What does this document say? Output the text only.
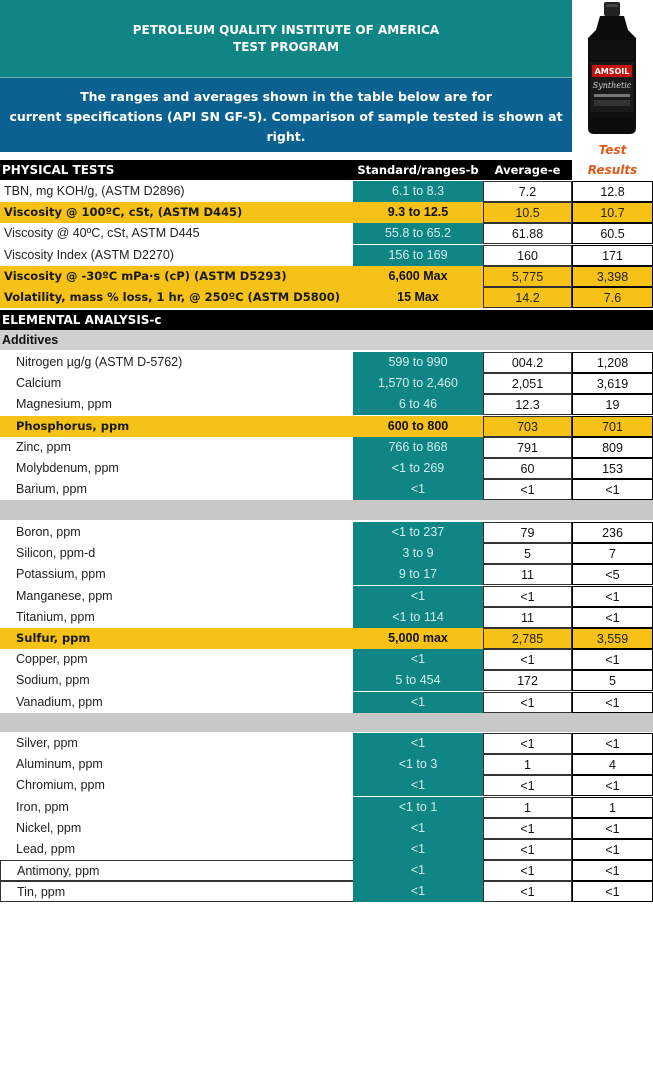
PETROLEUM QUALITY INSTITUTE OF AMERICA
TEST PROGRAM
The ranges and averages shown in the table below are for
current specifications (API SN GF-5). Comparison of sample tested is shown at right.
AMSOIL
Synthetic
Test
Results
PHYSICAL TESTS	Standard/ranges-b	Average-e
TBN, mg KOH/g, (ASTM D2896)	6.1 to 8.3	7.2	12.8
Viscosity @ 100ºC, cSt, (ASTM D445)	9.3 to 12.5	10.5	10.7
Viscosity @ 40ºC, cSt, ASTM D445	55.8 to 65.2	61.88	60.5
Viscosity Index (ASTM D2270)	156 to 169	160	171
Viscosity @ -30ºC mPa·s (cP) (ASTM D5293)	6,600 Max	5,775	3,398
Volatility, mass % loss, 1 hr, @ 250ºC (ASTM D5800)	15 Max	14.2	7.6
ELEMENTAL ANALYSIS-c
Additives
Nitrogen µg/g (ASTM D-5762)	599 to 990	004.2	1,208
Calcium	1,570 to 2,460	2,051	3,619
Magnesium, ppm	6 to 46	12.3	19
Phosphorus, ppm	600 to 800	703	701
Zinc, ppm	766 to 868	791	809
Molybdenum, ppm	<1 to 269	60	153
Barium, ppm	<1	<1	<1
Boron, ppm	<1 to 237	79	236
Silicon, ppm-d	3 to 9	5	7
Potassium, ppm	9 to 17	11	<5
Manganese, ppm	<1	<1	<1
Titanium, ppm	<1 to 114	11	<1
Sulfur, ppm	5,000 max	2,785	3,559
Copper, ppm	<1	<1	<1
Sodium, ppm	5 to 454	172	5
Vanadium, ppm	<1	<1	<1
Silver, ppm	<1	<1	<1
Aluminum, ppm	<1 to 3	1	4
Chromium, ppm	<1	<1	<1
Iron, ppm	<1 to 1	1	1
Nickel, ppm	<1	<1	<1
Lead, ppm	<1	<1	<1
Antimony, ppm	<1	<1	<1
Tin, ppm	<1	<1	<1
